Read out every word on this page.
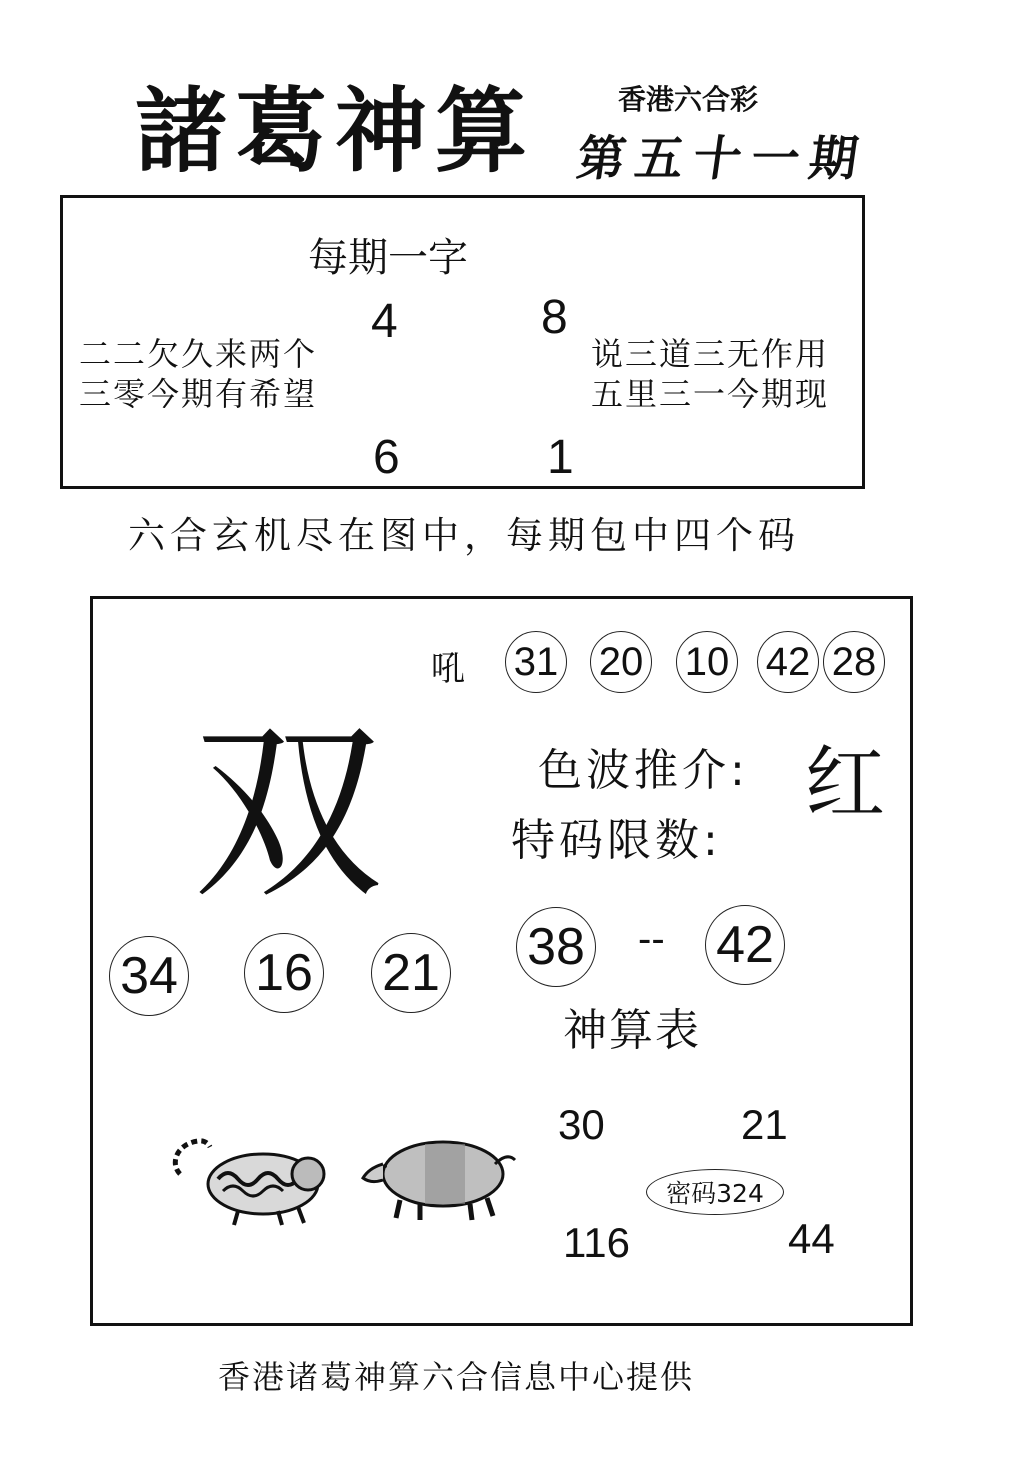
諸葛神算	香港六合彩
第五十一期
每期一字
4	8
6	1
二二欠久来两个
三零今期有希望
说三道三无作用
五里三一今期现
六合玄机尽在图中，每期包中四个码
吼 31 20 10 42 28
双	色波推介: 红
特码限数:
34 16 21 38 -- 42
神算表
30	21
116	44
密码324
香港诸葛神算六合信息中心提供
